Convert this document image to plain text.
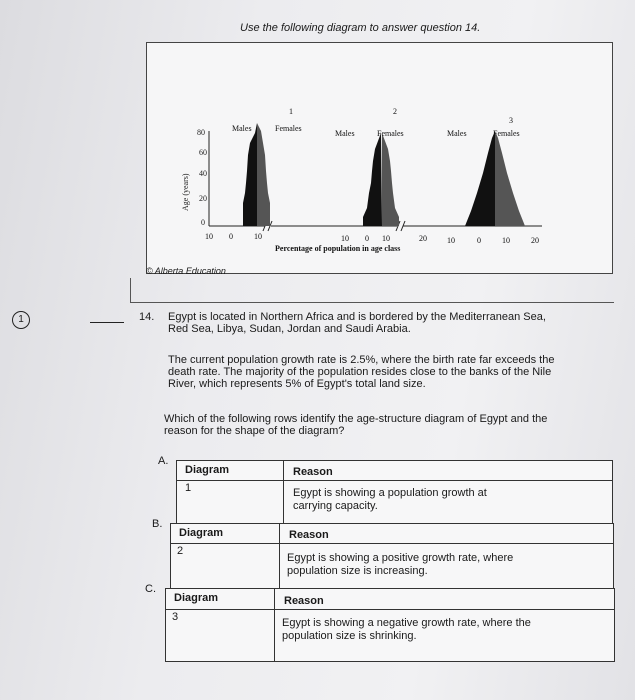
Use the following diagram to answer question 14.
80
60
40
20
0
Age (years)
1	2
3
Males	Females
Males	Females	Males	Females
10 0	10	10 0 10	20	10	0	10	20
Percentage of population in age class
© Alberta Education
1	14. Egypt is located in Northern Africa and is bordered by the Mediterranean Sea,
Red Sea, Libya, Sudan, Jordan and Saudi Arabia.
The current population growth rate is 2.5%, where the birth rate far exceeds the
death rate. The majority of the population resides close to the banks of the Nile
River, which represents 5% of Egypt's total land size.
Which of the following rows identify the age-structure diagram of Egypt and the
reason for the shape of the diagram?
A.
Diagram	Reason
1	Egypt is showing a population growth at
carrying capacity.
B.
Diagram	Reason
2
Egypt is showing a positive growth rate, where
population size is increasing.
C.
Diagram	Reason
3	Egypt is showing a negative growth rate, where the
population size is shrinking.
